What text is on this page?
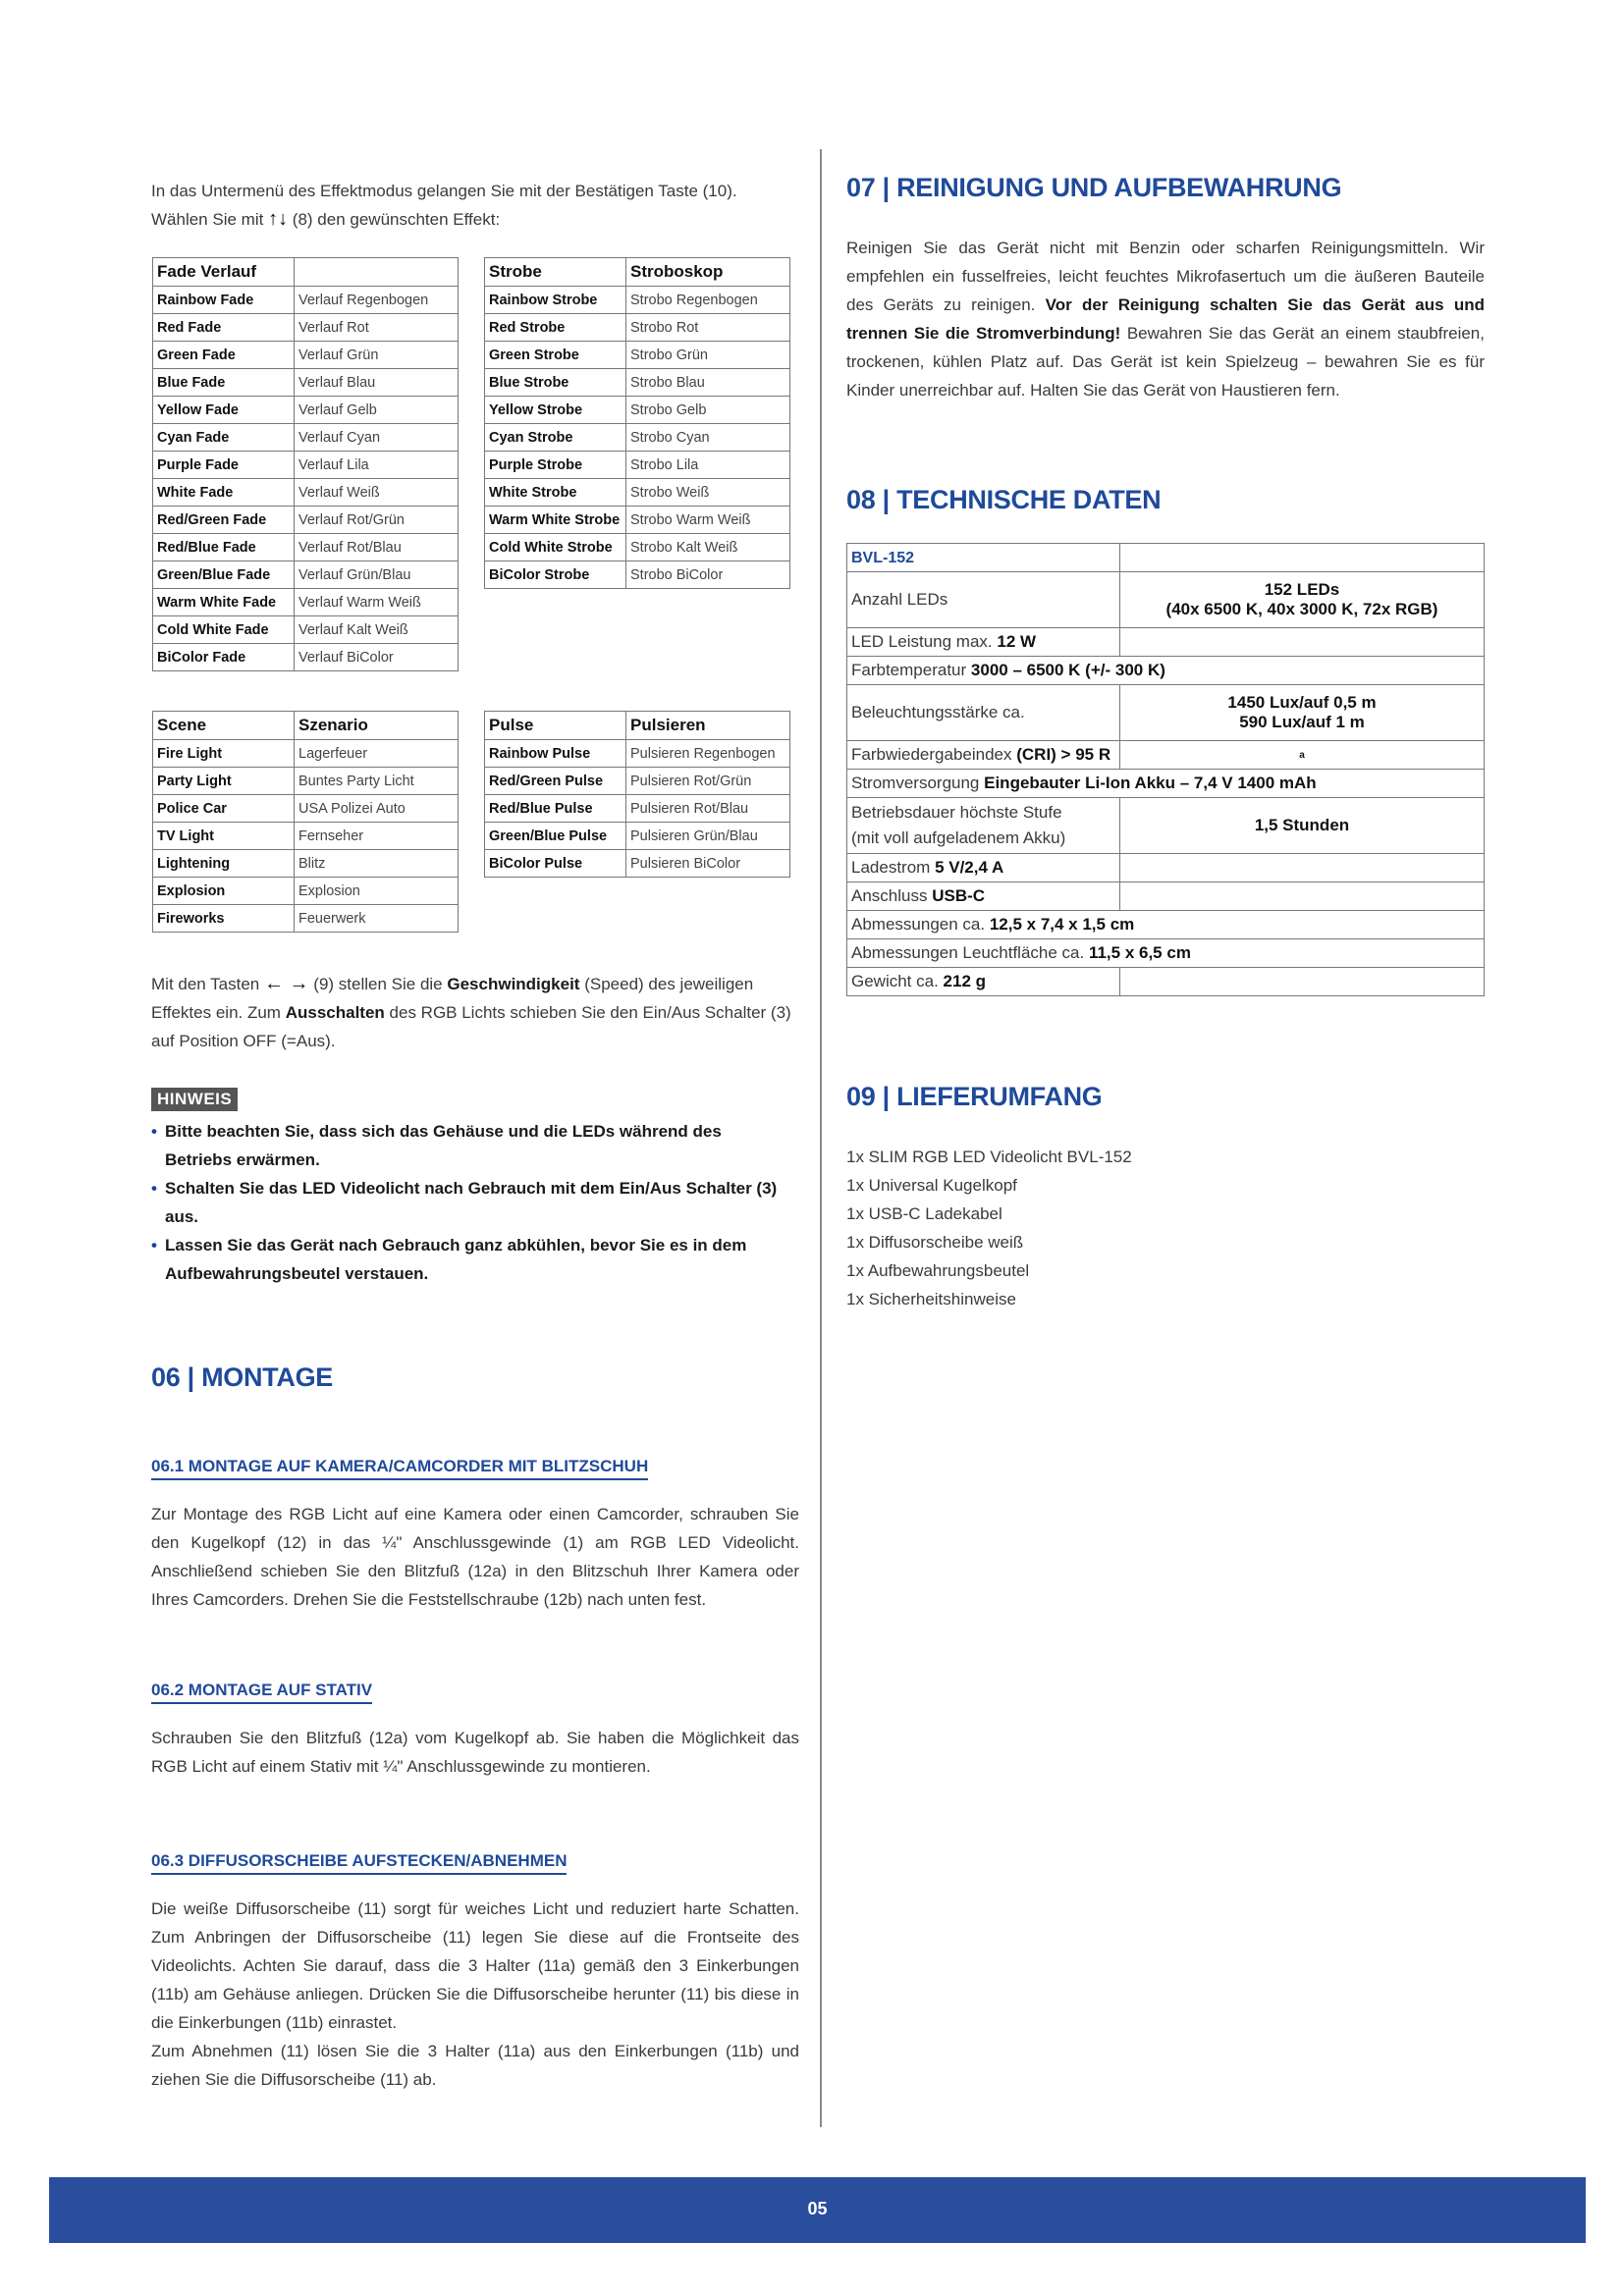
In das Untermenü des Effektmodus gelangen Sie mit der Bestätigen Taste (10).

Wählen Sie mit ↑↓ (8) den gewünschten Effekt:

Fade Verlauf	
Rainbow Fade	Verlauf Regenbogen
Red Fade	Verlauf Rot
Green Fade	Verlauf Grün
Blue Fade	Verlauf Blau
Yellow Fade	Verlauf Gelb
Cyan Fade	Verlauf Cyan
Purple Fade	Verlauf Lila
White Fade	Verlauf Weiß
Red/Green Fade	Verlauf Rot/Grün
Red/Blue Fade	Verlauf Rot/Blau
Green/Blue Fade	Verlauf Grün/Blau
Warm White Fade	Verlauf Warm Weiß
Cold White Fade	Verlauf Kalt Weiß
BiColor Fade	Verlauf BiColor
Strobe	Stroboskop
Rainbow Strobe	Strobo Regenbogen
Red Strobe	Strobo Rot
Green Strobe	Strobo Grün
Blue Strobe	Strobo Blau
Yellow Strobe	Strobo Gelb
Cyan Strobe	Strobo Cyan
Purple Strobe	Strobo Lila
White Strobe	Strobo Weiß
Warm White Strobe	Strobo Warm Weiß
Cold White Strobe	Strobo Kalt Weiß
BiColor Strobe	Strobo BiColor
Scene	Szenario
Fire Light	Lagerfeuer
Party Light	Buntes Party Licht
Police Car	USA Polizei Auto
TV Light	Fernseher
Lightening	Blitz
Explosion	Explosion
Fireworks	Feuerwerk
Pulse	Pulsieren
Rainbow Pulse	Pulsieren Regenbogen
Red/Green Pulse	Pulsieren Rot/Grün
Red/Blue Pulse	Pulsieren Rot/Blau
Green/Blue Pulse	Pulsieren Grün/Blau
BiColor Pulse	Pulsieren BiColor

Mit den Tasten ← → (9) stellen Sie die Geschwindigkeit (Speed) des jeweiligen

Effektes ein. Zum Ausschalten des RGB Lichts schieben Sie den Ein/Aus Schalter (3)

auf Position OFF (=Aus).

HINWEIS
• Bitte beachten Sie, dass sich das Gehäuse und die LEDs während des Betriebs erwärmen.
• Schalten Sie das LED Videolicht nach Gebrauch mit dem Ein/Aus Schalter (3) aus.
• Lassen Sie das Gerät nach Gebrauch ganz abkühlen, bevor Sie es in dem Aufbewahrungsbeutel verstauen.
06 | MONTAGE
06.1 MONTAGE AUF KAMERA/CAMCORDER MIT BLITZSCHUH

Zur Montage des RGB Licht auf eine Kamera oder einen Camcorder, schrauben Sie den Kugelkopf (12) in das ¼" Anschlussgewinde (1) am RGB LED Videolicht. Anschließend schieben Sie den Blitzfuß (12a) in den Blitzschuh Ihrer Kamera oder Ihres Camcorders. Drehen Sie die Feststellschraube (12b) nach unten fest.

06.2 MONTAGE AUF STATIV

Schrauben Sie den Blitzfuß (12a) vom Kugelkopf ab. Sie haben die Möglichkeit das RGB Licht auf einem Stativ mit ¼" Anschlussgewinde zu montieren.

06.3 DIFFUSORSCHEIBE AUFSTECKEN/ABNEHMEN

Die weiße Diffusorscheibe (11) sorgt für weiches Licht und reduziert harte Schatten. Zum Anbringen der Diffusorscheibe (11) legen Sie diese auf die Frontseite des Videolichts. Achten Sie darauf, dass die 3 Halter (11a) gemäß den 3 Einkerbungen (11b) am Gehäuse anliegen. Drücken Sie die Diffusorscheibe herunter (11) bis diese in die Einkerbungen (11b) einrastet.

Zum Abnehmen (11) lösen Sie die 3 Halter (11a) aus den Einkerbungen (11b) und ziehen Sie die Diffusorscheibe (11) ab.

07 | REINIGUNG UND AUFBEWAHRUNG

Reinigen Sie das Gerät nicht mit Benzin oder scharfen Reinigungsmitteln. Wir empfehlen ein fusselfreies, leicht feuchtes Mikrofasertuch um die äußeren Bauteile des Geräts zu reinigen. Vor der Reinigung schalten Sie das Gerät aus und trennen Sie die Stromverbindung! Bewahren Sie das Gerät an einem staubfreien, trockenen, kühlen Platz auf. Das Gerät ist kein Spielzeug – bewahren Sie es für Kinder unerreichbar auf. Halten Sie das Gerät von Haustieren fern.

08 | TECHNISCHE DATEN
BVL-152	
Anzahl LEDs	152 LEDs
(40x 6500 K, 40x 3000 K, 72x RGB)

LED Leistung max. 12 W	
Farbtemperatur 3000 – 6500 K (+/- 300 K)	
Beleuchtungsstärke ca.	1450 Lux/auf 0,5 m
590 Lux/auf 1 m

Farbwiedergabeindex (CRI) > 95 R	a
Stromversorgung Eingebauter Li-Ion Akku – 7,4 V 1400 mAh	

Betriebsdauer höchste Stufe
(mit voll aufgeladenem Akku)	1,5 Stunden
Ladestrom 5 V/2,4 A	
Anschluss USB-C	
Abmessungen ca. 12,5 x 7,4 x 1,5 cm	
Abmessungen Leuchtfläche ca. 11,5 x 6,5 cm	
Gewicht ca. 212 g	
09 | LIEFERUMFANG

1x SLIM RGB LED Videolicht BVL-152

1x Universal Kugelkopf

1x USB-C Ladekabel

1x Diffusorscheibe weiß

1x Aufbewahrungsbeutel

1x Sicherheitshinweise

05
